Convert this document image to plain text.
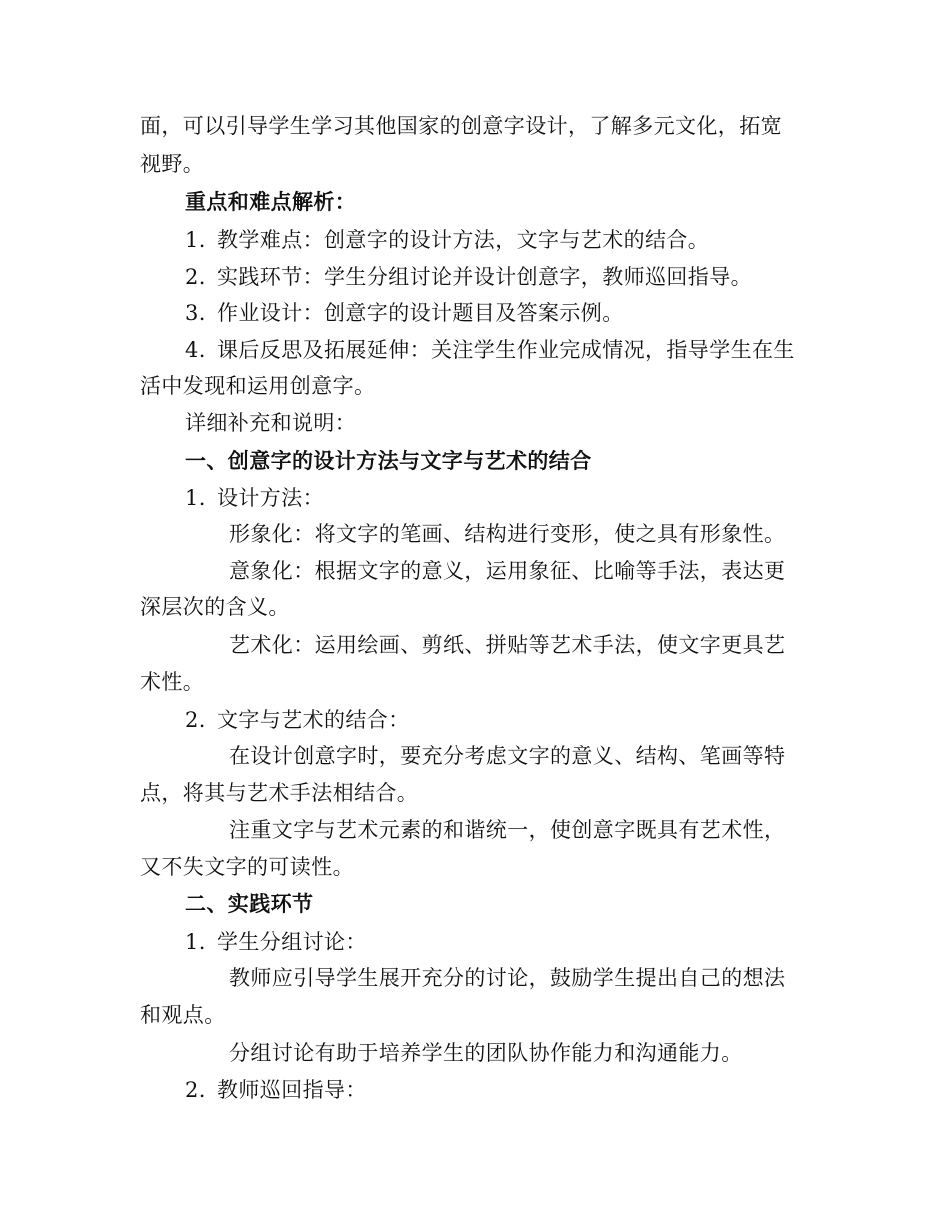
面，可以引导学生学习其他国家的创意字设计，了解多元文化，拓宽
视野。
重点和难点解析：
1. 教学难点：创意字的设计方法，文字与艺术的结合。
2. 实践环节：学生分组讨论并设计创意字，教师巡回指导。
3. 作业设计：创意字的设计题目及答案示例。
4. 课后反思及拓展延伸：关注学生作业完成情况，指导学生在生
活中发现和运用创意字。
详细补充和说明：
一、创意字的设计方法与文字与艺术的结合
1. 设计方法：
形象化：将文字的笔画、结构进行变形，使之具有形象性。
意象化：根据文字的意义，运用象征、比喻等手法，表达更
深层次的含义。
艺术化：运用绘画、剪纸、拼贴等艺术手法，使文字更具艺
术性。
2. 文字与艺术的结合：
在设计创意字时，要充分考虑文字的意义、结构、笔画等特
点，将其与艺术手法相结合。
注重文字与艺术元素的和谐统一，使创意字既具有艺术性，
又不失文字的可读性。
二、实践环节
1. 学生分组讨论：
教师应引导学生展开充分的讨论，鼓励学生提出自己的想法
和观点。
分组讨论有助于培养学生的团队协作能力和沟通能力。
2. 教师巡回指导：
